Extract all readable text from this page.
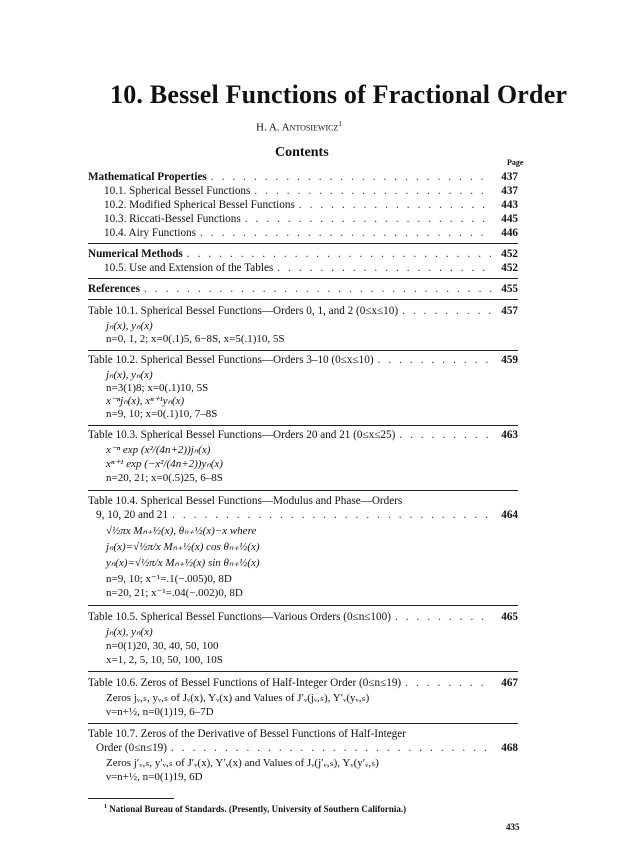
10. Bessel Functions of Fractional Order
H. A. Antosiewicz$^1$
Contents
Page
Mathematical Properties . . .	437
10.1. Spherical Bessel Functions . . .	437
10.2. Modified Spherical Bessel Functions . . .	443
10.3. Riccati-Bessel Functions . . .	445
10.4. Airy Functions . . .	446
Numerical Methods . . .	452
10.5. Use and Extension of the Tables . . .	452
References . . .	455
Table 10.1. Spherical Bessel Functions—Orders 0, 1, and 2 (0≤x≤10) . . .	457
jₙ(x), yₙ(x)
n=0, 1, 2; x=0(.1)5, 6−8S, x=5(.1)10, 5S
Table 10.2. Spherical Bessel Functions—Orders 3–10 (0≤x≤10) . . .	459
jₙ(x), yₙ(x)
n=3(1)8; x=0(.1)10, 5S
x⁻ⁿjₙ(x), xⁿ⁺¹yₙ(x)
n=9, 10; x=0(.1)10, 7–8S
Table 10.3. Spherical Bessel Functions—Orders 20 and 21 (0≤x≤25) . . .	463
x⁻ⁿ exp (x²/(4n+2))jₙ(x)
xⁿ⁺¹ exp (−x²/(4n+2))yₙ(x)
n=20, 21; x=0(.5)25, 6–8S
Table 10.4. Spherical Bessel Functions—Modulus and Phase—Orders
9, 10, 20 and 21 . . .	464
√½πx Mₙ₊½(x), θₙ₊½(x)−x where
jₙ(x)=√½π/x Mₙ₊½(x) cos θₙ₊½(x)
yₙ(x)=√½π/x Mₙ₊½(x) sin θₙ₊½(x)
n=9, 10; x⁻¹=.1(−.005)0, 8D
n=20, 21; x⁻¹=.04(−.002)0, 8D
Table 10.5. Spherical Bessel Functions—Various Orders (0≤n≤100) . . .	465
jₙ(x), yₙ(x)
n=0(1)20, 30, 40, 50, 100
x=1, 2, 5, 10, 50, 100, 10S
Table 10.6. Zeros of Bessel Functions of Half-Integer Order (0≤n≤19) . . .	467
Zeros jᵥ,ₛ, yᵥ,ₛ of Jᵥ(x), Yᵥ(x) and Values of J′ᵥ(jᵥ,ₛ), Y′ᵥ(yᵥ,ₛ)
ν=n+½, n=0(1)19, 6–7D
Table 10.7. Zeros of the Derivative of Bessel Functions of Half-Integer
Order (0≤n≤19) . . .	468
Zeros j′ᵥ,ₛ, y′ᵥ,ₛ of J′ᵥ(x), Y′ᵥ(x) and Values of Jᵥ(j′ᵥ,ₛ), Yᵥ(y′ᵥ,ₛ)
ν=n+½, n=0(1)19, 6D
$^1$ National Bureau of Standards. (Presently, University of Southern California.)
435
